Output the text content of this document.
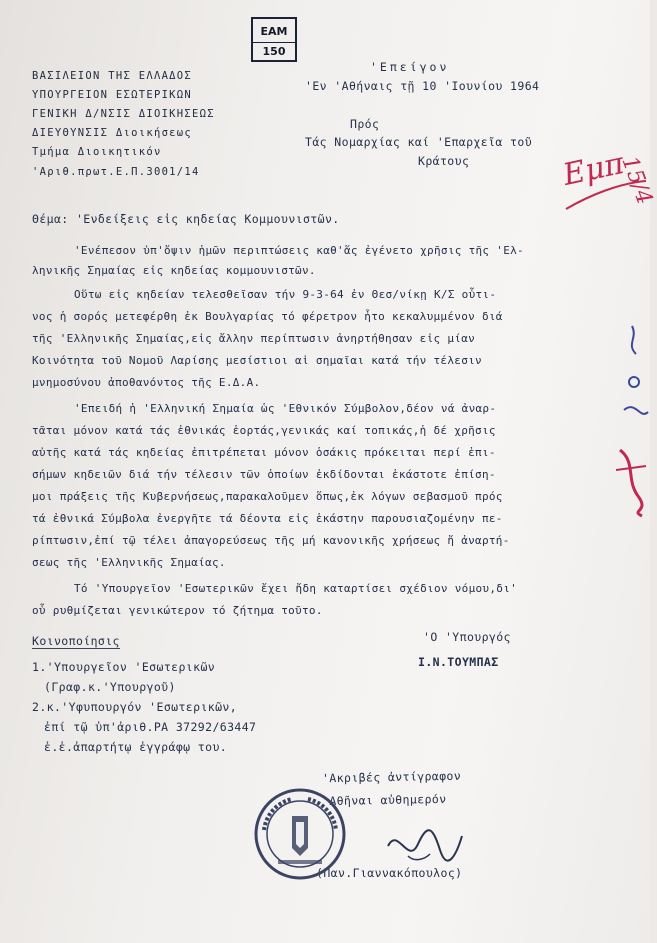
ΕΑΜ
150
ΒΑΣΙΛΕΙΟΝ ΤΗΣ ΕΛΛΑΔΟΣ
ΥΠΟΥΡΓΕΙΟΝ ΕΣΩΤΕΡΙΚΩΝ
ΓΕΝΙΚΗ Δ/ΝΣΙΣ ΔΙΟΙΚΗΣΕΩΣ
ΔΙΕΥΘΥΝΣΙΣ Διοικήσεως
Τμήμα Διοικητικόν
'Αριθ.πρωτ.Ε.Π.3001/14
'Επείγον
'Εν 'Αθήναις τῇ 10 'Ιουνίου 1964
Πρός
Τάς Νομαρχίας καί 'Επαρχεῖα τοῦ
Κράτους
Θέμα: 'Ενδείξεις εἰς κηδείας Κομμουνιστῶν.
'Ενέπεσον ὑπ'ὄψιν ἡμῶν περιπτώσεις καθ'ἅς ἐγένετο χρῆσις τῆς 'Ελ-
ληνικῆς Σημαίας εἰς κηδείας κομμουνιστῶν.
Οὕτω εἰς κηδείαν τελεσθεῖσαν τήν 9-3-64 ἐν Θεσ/νίκῃ Κ/Σ οὗτι-
νος ἡ σορός μετεφέρθη ἐκ Βουλγαρίας τό φέρετρον ἦτο κεκαλυμμένον διά
τῆς 'Ελληνικῆς Σημαίας,εἰς ἄλλην περίπτωσιν ἀνηρτήθησαν εἰς μίαν
Κοινότητα τοῦ Νομοῦ Λαρίσης μεσίστιοι αἱ σημαῖαι κατά τήν τέλεσιν
μνημοσύνου ἀποθανόντος τῆς Ε.Δ.Α.
'Επειδή ἡ 'Ελληνική Σημαία ὡς 'Εθνικόν Σύμβολον,δέον νά ἀναρ-
τᾶται μόνον κατά τάς ἐθνικάς ἑορτάς,γενικάς καί τοπικάς,ἡ δέ χρῆσις
αὐτῆς κατά τάς κηδείας ἐπιτρέπεται μόνον ὁσάκις πρόκειται περί ἐπι-
σήμων κηδειῶν διά τήν τέλεσιν τῶν ὁποίων ἐκδίδονται ἑκάστοτε ἐπίση-
μοι πράξεις τῆς Κυβερνήσεως,παρακαλοῦμεν ὅπως,ἐκ λόγων σεβασμοῦ πρός
τά ἐθνικά Σύμβολα ἐνεργῆτε τά δέοντα εἰς ἑκάστην παρουσιαζομένην πε-
ρίπτωσιν,ἐπί τῷ τέλει ἀπαγορεύσεως τῆς μή κανονικῆς χρήσεως ἤ ἀναρτή-
σεως τῆς 'Ελληνικῆς Σημαίας.
Τό 'Υπουργεῖον 'Εσωτερικῶν ἔχει ἤδη καταρτίσει σχέδιον νόμου,δι'
οὗ ρυθμίζεται γενικώτερον τό ζήτημα τοῦτο.
Κοινοποίησις
1.'Υπουργεῖον 'Εσωτερικῶν
(Γραφ.κ.'Υπουργοῦ)
2.κ.'Υφυπουργόν 'Εσωτερικῶν,
ἐπί τῷ ὑπ'ἀριθ.ΡΑ 37292/63447
ἐ.ἐ.ἀπαρτήτῳ ἐγγράφῳ του.
'Ο 'Υπουργός
Ι.Ν.ΤΟΥΜΠΑΣ
'Ακριβές ἀντίγραφον
'Αθῆναι αὐθημερόν
(Παν.Γιαννακόπουλος)
Εμπ
15/4
